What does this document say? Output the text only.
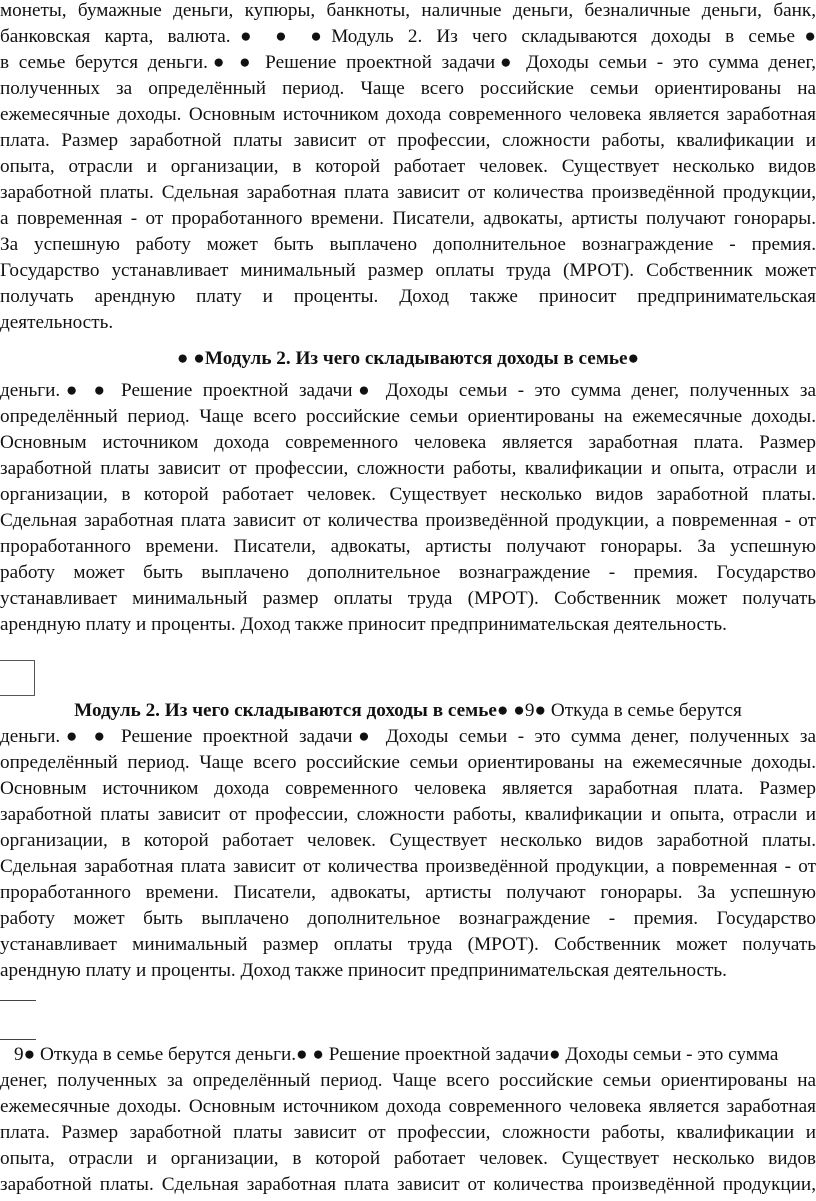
монеты, бумажные деньги, купюры, банкноты, наличные деньги, безналичные деньги, банк,
банковская карта, валюта.● ● ●Модуль 2. Из чего складываются доходы в семье●
в семье берутся деньги.● ● Решение проектной задачи● Доходы семьи - это сумма денег,
полученных за определённый период. Чаще всего российские семьи ориентированы на
ежемесячные доходы. Основным источником дохода современного человека является заработная
плата. Размер заработной платы зависит от профессии, сложности работы, квалификации и
опыта, отрасли и организации, в которой работает человек. Существует несколько видов
заработной платы. Сдельная заработная плата зависит от количества произведённой продукции,
а повременная - от проработанного времени. Писатели, адвокаты, артисты получают гонорары.
За успешную работу может быть выплачено дополнительное вознаграждение - премия.
Государство устанавливает минимальный размер оплаты труда (МРОТ). Собственник может
получать арендную плату и проценты. Доход также приносит предпринимательская
деятельность.
● ●Модуль 2. Из чего складываются доходы в семье●
деньги.● ● Решение проектной задачи● Доходы семьи - это сумма денег, полученных за
определённый период. Чаще всего российские семьи ориентированы на ежемесячные доходы.
Основным источником дохода современного человека является заработная плата. Размер
заработной платы зависит от профессии, сложности работы, квалификации и опыта, отрасли и
организации, в которой работает человек. Существует несколько видов заработной платы.
Сдельная заработная плата зависит от количества произведённой продукции, а повременная - от
проработанного времени. Писатели, адвокаты, артисты получают гонорары. За успешную
работу может быть выплачено дополнительное вознаграждение - премия. Государство
устанавливает минимальный размер оплаты труда (МРОТ). Собственник может получать
арендную плату и проценты. Доход также приносит предпринимательская деятельность.
Модуль 2. Из чего складываются доходы в семье● ●9● Откуда в семье берутся
деньги.● ● Решение проектной задачи● Доходы семьи - это сумма денег, полученных за
определённый период. Чаще всего российские семьи ориентированы на ежемесячные доходы.
Основным источником дохода современного человека является заработная плата. Размер
заработной платы зависит от профессии, сложности работы, квалификации и опыта, отрасли и
организации, в которой работает человек. Существует несколько видов заработной платы.
Сдельная заработная плата зависит от количества произведённой продукции, а повременная - от
проработанного времени. Писатели, адвокаты, артисты получают гонорары. За успешную
работу может быть выплачено дополнительное вознаграждение - премия. Государство
устанавливает минимальный размер оплаты труда (МРОТ). Собственник может получать
арендную плату и проценты. Доход также приносит предпринимательская деятельность.
9● Откуда в семье берутся деньги.● ● Решение проектной задачи● Доходы семьи - это сумма
денег, полученных за определённый период. Чаще всего российские семьи ориентированы на
ежемесячные доходы. Основным источником дохода современного человека является заработная
плата. Размер заработной платы зависит от профессии, сложности работы, квалификации и
опыта, отрасли и организации, в которой работает человек. Существует несколько видов
заработной платы. Сдельная заработная плата зависит от количества произведённой продукции,
